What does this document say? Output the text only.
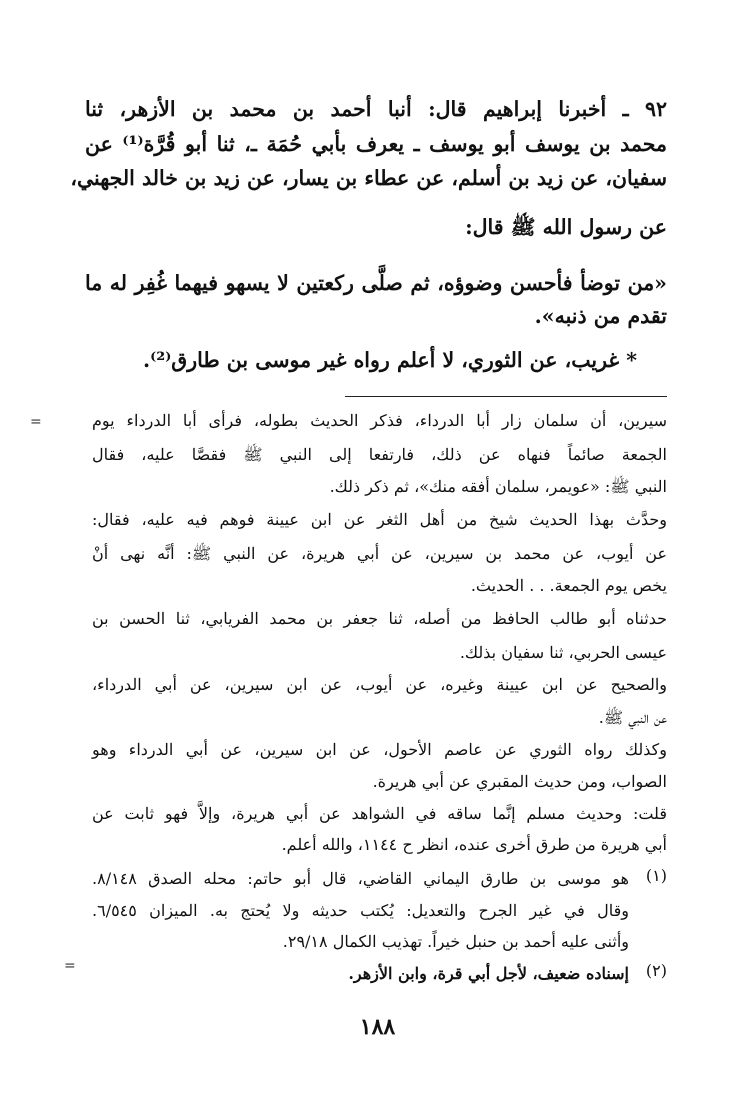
٩٢ ـ أخبرنا إبراهيم قال: أنبا أحمد بن محمد بن الأزهر، ثنا
محمد بن يوسف أبو يوسف ـ يعرف بأبي حُمَة ـ، ثنا أبو قُرَّة⁽¹⁾ عن
سفيان، عن زيد بن أسلم، عن عطاء بن يسار، عن زيد بن خالد الجهني،
عن رسول الله ﷺ قال:
«من توضأ فأحسن وضوؤه، ثم صلَّى ركعتين لا يسهو فيهما غُفِر له ما
تقدم من ذنبه».
* غريب، عن الثوري، لا أعلم رواه غير موسى بن طارق⁽²⁾.
=
=
سيرين، أن سلمان زار أبا الدرداء، فذكر الحديث بطوله، فرأى أبا الدرداء يوم
الجمعة صائماً فنهاه عن ذلك، فارتفعا إلى النبي ﷺ فقصَّا عليه، فقال
النبي ﷺ: «عويمر، سلمان أفقه منك»، ثم ذكر ذلك.
وحدَّث بهذا الحديث شيخ من أهل الثغر عن ابن عيينة فوهم فيه عليه، فقال:
عن أيوب، عن محمد بن سيرين، عن أبي هريرة، عن النبي ﷺ: أنَّه نهى أنْ
يخص يوم الجمعة. . . الحديث.
حدثناه أبو طالب الحافظ من أصله، ثنا جعفر بن محمد الفريابي، ثنا الحسن بن
عيسى الحربي، ثنا سفيان بذلك.
والصحيح عن ابن عيينة وغيره، عن أيوب، عن ابن سيرين، عن أبي الدرداء،
عن النبي ﷺ.
وكذلك رواه الثوري عن عاصم الأحول، عن ابن سيرين، عن أبي الدرداء وهو
الصواب، ومن حديث المقبري عن أبي هريرة.
قلت: وحديث مسلم إنَّما ساقه في الشواهد عن أبي هريرة، وإلاَّ فهو ثابت عن
أبي هريرة من طرق أخرى عنده، انظر ح ١١٤٤، والله أعلم.
(١)
هو موسى بن طارق اليماني القاضي، قال أبو حاتم: محله الصدق ٨/١٤٨.
وقال في غير الجرح والتعديل: يُكتب حديثه ولا يُحتج به. الميزان ٦/٥٤٥.
وأثنى عليه أحمد بن حنبل خيراً. تهذيب الكمال ٢٩/١٨.
(٢)
إسناده ضعيف، لأجل أبي قرة، وابن الأزهر.
١٨٨
